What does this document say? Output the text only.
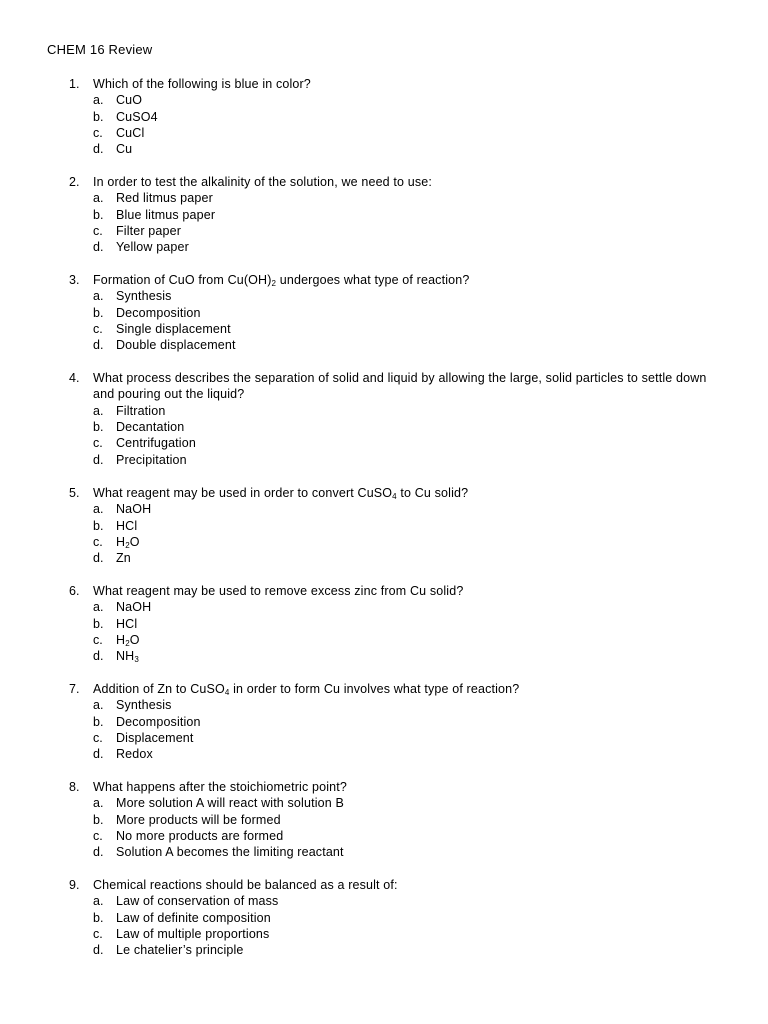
CHEM 16 Review
1. Which of the following is blue in color?
a. CuO
b. CuSO4
c. CuCl
d. Cu
2. In order to test the alkalinity of the solution, we need to use:
a. Red litmus paper
b. Blue litmus paper
c. Filter paper
d. Yellow paper
3. Formation of CuO from $Cu(OH)_2$ undergoes what type of reaction?
a. Synthesis
b. Decomposition
c. Single displacement
d. Double displacement
4. What process describes the separation of solid and liquid by allowing the large, solid particles to settle down and pouring out the liquid?
a. Filtration
b. Decantation
c. Centrifugation
d. Precipitation
5. What reagent may be used in order to convert CuSO$_4$ to Cu solid?
a. NaOH
b. HCl
c. $H_2O$
d. Zn
6. What reagent may be used to remove excess zinc from Cu solid?
a. NaOH
b. HCl
c. $H_2O$
d. $NH_3$
7. Addition of Zn to CuSO$_4$ in order to form Cu involves what type of reaction?
a. Synthesis
b. Decomposition
c. Displacement
d. Redox
8. What happens after the stoichiometric point?
a. More solution A will react with solution B
b. More products will be formed
c. No more products are formed
d. Solution A becomes the limiting reactant
9. Chemical reactions should be balanced as a result of:
a. Law of conservation of mass
b. Law of definite composition
c. Law of multiple proportions
d. Le chatelier’s principle
